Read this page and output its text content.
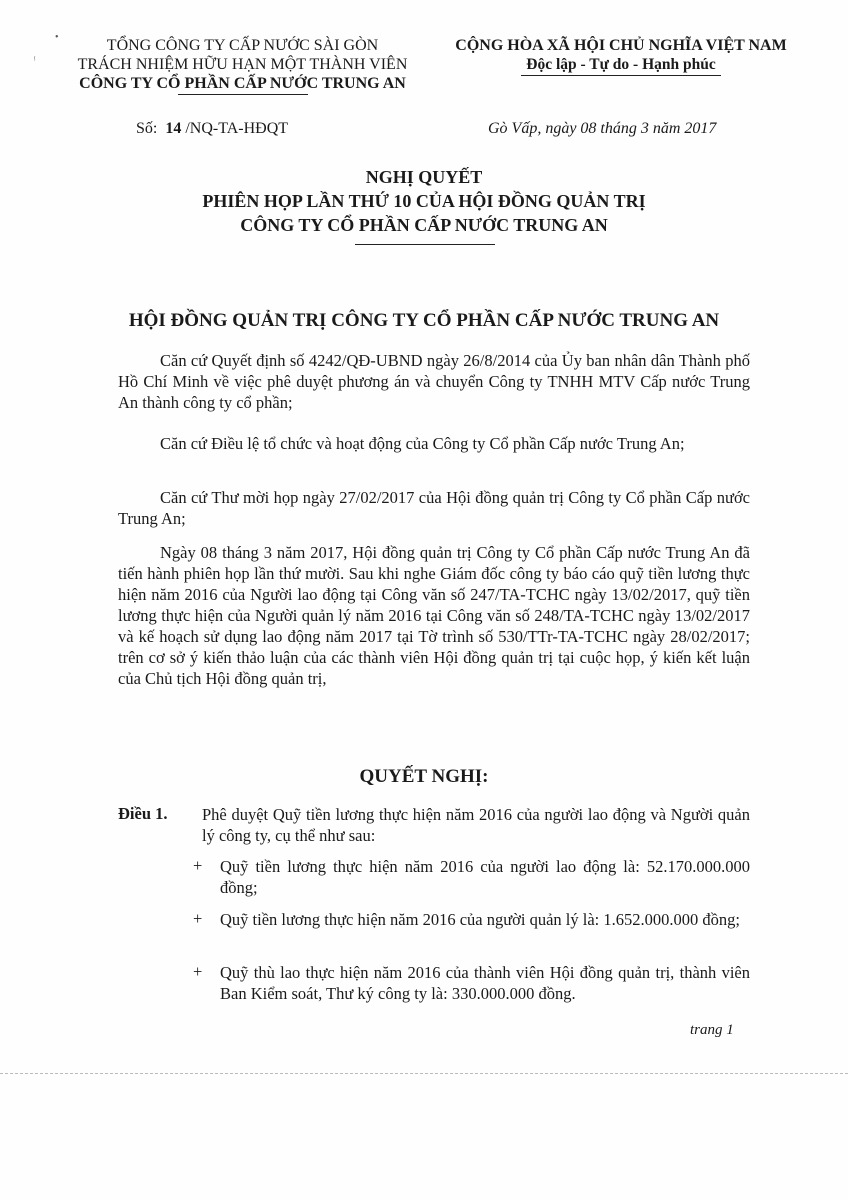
•
ᵎ
TỔNG CÔNG TY CẤP NƯỚC SÀI GÒN
TRÁCH NHIỆM HỮU HẠN MỘT THÀNH VIÊN
CÔNG TY CỔ PHẦN CẤP NƯỚC TRUNG AN
CỘNG HÒA XÃ HỘI CHỦ NGHĨA VIỆT NAM
Độc lập - Tự do - Hạnh phúc
Số: 14 /NQ-TA-HĐQT	Gò Vấp, ngày 08 tháng 3 năm 2017
NGHỊ QUYẾT
PHIÊN HỌP LẦN THỨ 10 CỦA HỘI ĐỒNG QUẢN TRỊ
CÔNG TY CỔ PHẦN CẤP NƯỚC TRUNG AN
HỘI ĐỒNG QUẢN TRỊ CÔNG TY CỔ PHẦN CẤP NƯỚC TRUNG AN
Căn cứ Quyết định số 4242/QĐ-UBND ngày 26/8/2014 của Ủy ban nhân dân Thành phố Hồ Chí Minh về việc phê duyệt phương án và chuyển Công ty TNHH MTV Cấp nước Trung An thành công ty cổ phần;
Căn cứ Điều lệ tổ chức và hoạt động của Công ty Cổ phần Cấp nước Trung An;
Căn cứ Thư mời họp ngày 27/02/2017 của Hội đồng quản trị Công ty Cổ phần Cấp nước Trung An;
Ngày 08 tháng 3 năm 2017, Hội đồng quản trị Công ty Cổ phần Cấp nước Trung An đã tiến hành phiên họp lần thứ mười. Sau khi nghe Giám đốc công ty báo cáo quỹ tiền lương thực hiện năm 2016 của Người lao động tại Công văn số 247/TA-TCHC ngày 13/02/2017, quỹ tiền lương thực hiện của Người quản lý năm 2016 tại Công văn số 248/TA-TCHC ngày 13/02/2017 và kế hoạch sử dụng lao động năm 2017 tại Tờ trình số 530/TTr-TA-TCHC ngày 28/02/2017; trên cơ sở ý kiến thảo luận của các thành viên Hội đồng quản trị tại cuộc họp, ý kiến kết luận của Chủ tịch Hội đồng quản trị,
QUYẾT NGHỊ:
Điều 1. Phê duyệt Quỹ tiền lương thực hiện năm 2016 của người lao động và Người quản lý công ty, cụ thể như sau:
+ Quỹ tiền lương thực hiện năm 2016 của người lao động là: 52.170.000.000 đồng;
+ Quỹ tiền lương thực hiện năm 2016 của người quản lý là: 1.652.000.000 đồng;
+ Quỹ thù lao thực hiện năm 2016 của thành viên Hội đồng quản trị, thành viên Ban Kiểm soát, Thư ký công ty là: 330.000.000 đồng.
trang 1
